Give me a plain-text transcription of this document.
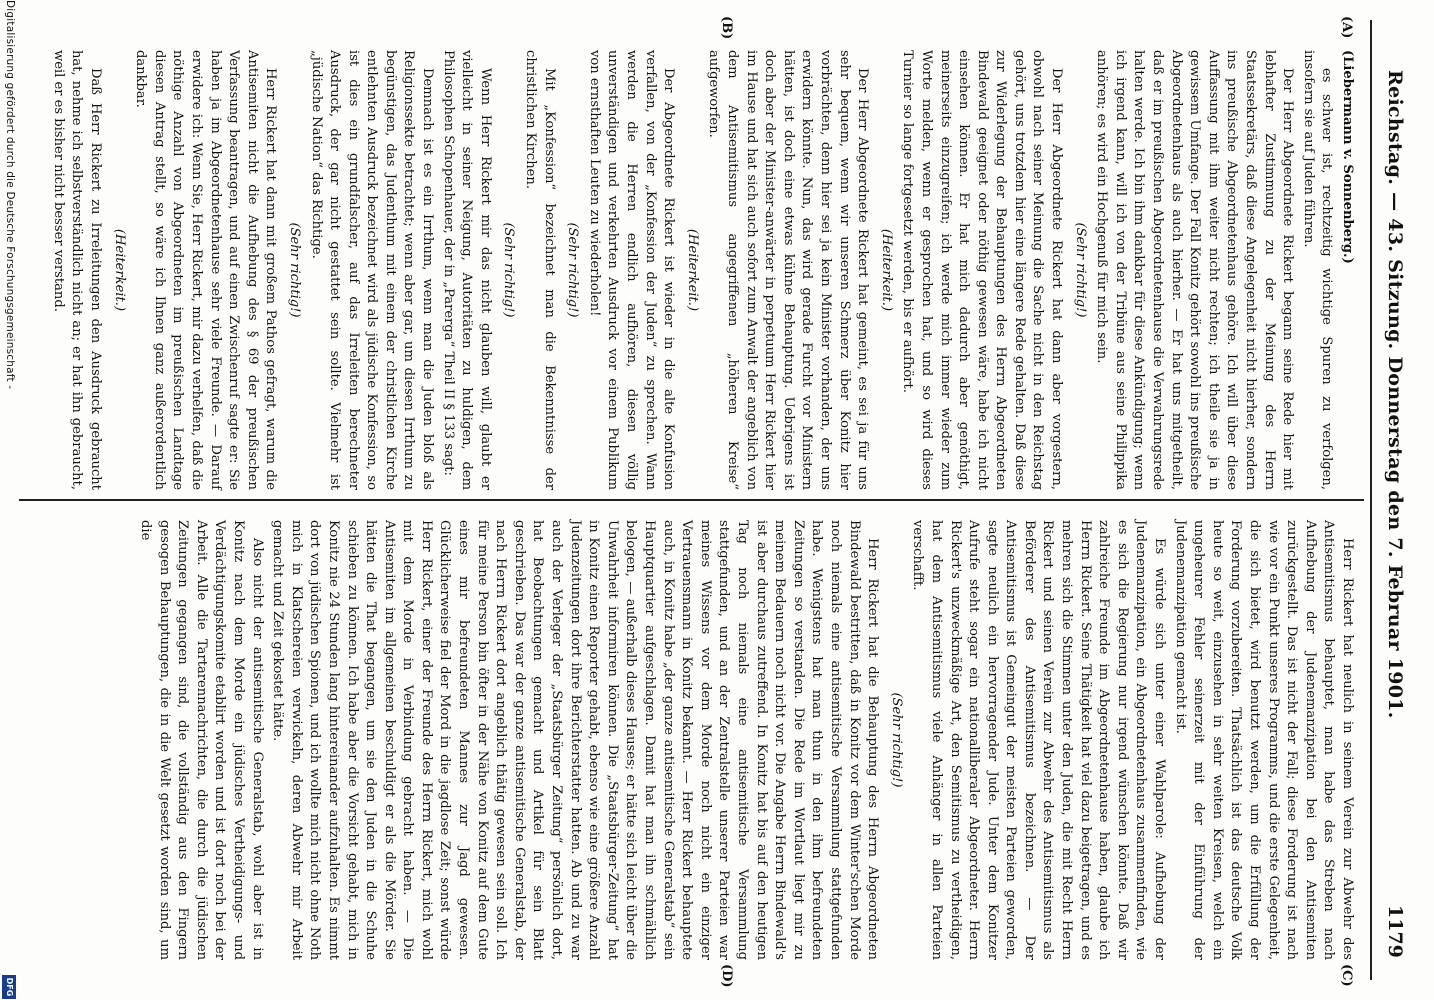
Reichstag. — 43. Sitzung. Donnerstag den 7. Februar 1901.
1179
(A)
(B)
(C)
(D)

(Liebermann v. Sonnenberg.)

es schwer ist, rechtzeitig wichtige Spuren zu verfolgen, insofern sie auf Juden führen.

Der Herr Abgeordnete Rickert begann seine Rede hier mit lebhafter Zustimmung zu der Meinung des Herrn Staatssekretärs, daß diese Angelegenheit nicht hierher, sondern ins preußische Abgeordnetenhaus gehöre. Ich will über diese Auffassung mit ihm weiter nicht rechten; ich theile sie ja in gewissem Umfange. Der Fall Konitz gehört sowohl ins preußische Abgeordnetenhaus als auch hierher. — Er hat uns mitgetheilt, daß er im preußischen Abgeordnetenhause die Verwahrungsrede halten werde. Ich bin ihm dankbar für diese Ankündigung; wenn ich irgend kann, will ich von der Tribüne aus seine Philippika anhören; es wird ein Hochgenuß für mich sein.

(Sehr richtig!)

Der Herr Abgeordnete Rickert hat dann aber vorgestern, obwohl nach seiner Meinung die Sache nicht in den Reichstag gehört, uns trotzdem hier eine längere Rede gehalten. Daß diese zur Widerlegung der Behauptungen des Herrn Abgeordneten Bindewald geeignet oder nöthig gewesen wäre, habe ich nicht einsehen können. Er hat mich dadurch aber genöthigt, meinerseits einzugreifen; ich werde mich immer wieder zum Worte melden, wenn er gesprochen hat, und so wird dieses Turnier so lange fortgesetzt werden, bis er aufhört.

(Heiterkeit.)

Der Herr Abgeordnete Rickert hat gemeint, es sei ja für uns sehr bequem, wenn wir unseren Schmerz über Konitz hier vorbrächten, denn hier sei ja kein Minister vorhanden, der uns erwidern könnte. Nun, das wird gerade Furcht vor Ministern hätten, ist doch eine etwas kühne Behauptung. Uebrigens ist doch aber der Minister-anwärter in perpetuum Herr Rickert hier im Hause und hat sich auch sofort zum Anwalt der angeblich von dem Antisemitismus angegriffenen „höheren Kreise“ aufgeworfen.

(Heiterkeit.)

Der Abgeordnete Rickert ist wieder in die alte Konfusion verfallen, von der „Konfession der Juden“ zu sprechen. Wann werden die Herren endlich aufhören, diesen völlig unverständigen und verkehrten Ausdruck vor einem Publikum von ernsthaften Leuten zu wiederholen!

(Sehr richtig!)

Mit „Konfession“ bezeichnet man die Bekenntnisse der christlichen Kirchen.

(Sehr richtig!)

Wenn Herr Rickert mir das nicht glauben will, glaubt er vielleicht in seiner Neigung, Autoritäten zu huldigen, dem Philosophen Schopenhauer, der in „Parerga“ Theil II § 133 sagt:

Demnach ist es ein Irrthum, wenn man die Juden bloß als Religionssekte betrachtet; wenn aber gar, um diesen Irrthum zu begünstigen, das Judenthum mit einem der christlichen Kirche entlehnten Ausdruck bezeichnet wird als jüdische Konfession, so ist dies ein grundfalscher, auf das Irreleiten berechneter Ausdruck, der gar nicht gestattet sein sollte. Vielmehr ist „jüdische Nation“ das Richtige.

(Sehr richtig!)

Herr Rickert hat dann mit großem Pathos gefragt, warum die Antisemiten nicht die Aufhebung des § 69 der preußischen Verfassung beantragen, und auf einen Zwischenruf sagte er: Sie haben ja im Abgeordnetenhause sehr viele Freunde. — Darauf erwidere ich: Wenn Sie, Herr Rickert, mir dazu verhelfen, daß die nöthige Anzahl von Abgeordneten im preußischen Landtage diesen Antrag stellt, so wäre ich Ihnen ganz außerordentlich dankbar.

(Heiterkeit.)

Daß Herr Rickert zu Irreleitungen den Ausdruck gebraucht hat, nehme ich selbstverständlich nicht an; er hat ihn gebraucht, weil er es bisher nicht besser verstand.

Herr Rickert hat neulich in seinem Verein zur Abwehr des Antisemitismus behauptet, man habe das Streben nach Aufhebung der Judenemanzipation bei den Antisemiten zurückgestellt. Das ist nicht der Fall; diese Forderung ist nach wie vor ein Punkt unseres Programms, und die erste Gelegenheit, die sich bietet, wird benutzt werden, um die Erfüllung der Forderung vorzubereiten. Thatsächlich ist das deutsche Volk heute so weit, einzusehen in sehr weiten Kreisen, welch ein ungeheurer Fehler seinerzeit mit der Einführung der Judenemanzipation gemacht ist.

Es würde sich unter einer Wahlparole: Aufhebung der Judenemanzipation, ein Abgeordnetenhaus zusammenfinden, wie es sich die Regierung nur irgend wünschen könnte. Daß wir zahlreiche Freunde im Abgeordnetenhause haben, glaube ich Herrn Rickert. Seine Thätigkeit hat viel dazu beigetragen, und es mehren sich die Stimmen unter den Juden, die mit Recht Herrn Rickert und seinen Verein zur Abwehr des Antisemitismus als Beförderer des Antisemitismus bezeichnen. — Der Antisemitismus ist Gemeingut der meisten Parteien geworden, sagte neulich ein hervorragender Jude. Unter dem Konitzer Aufrufe steht sogar ein nationalliberaler Abgeordneter. Herrn Rickert's unzweckmäßige Art, den Semitismus zu vertheidigen, hat dem Antisemitismus viele Anhänger in allen Parteien verschafft.

(Sehr richtig!)

Herr Rickert hat die Behauptung des Herrn Abgeordneten Bindewald bestritten, daß in Konitz vor dem Winter'schen Morde noch niemals eine antisemitische Versammlung stattgefunden habe. Wenigstens hat man thun in den ihm befreundeten Zeitungen so verstanden. Die Rede im Wortlaut liegt mir zu meinem Bedauern noch nicht vor. Die Angabe Herrn Bindewald's ist aber durchaus zutreffend. In Konitz hat bis auf den heutigen Tag noch niemals eine antisemitische Versammlung stattgefunden, und an der Zentralstelle unserer Parteien war meines Wissens vor dem Morde noch nicht ein einziger Vertrauensmann in Konitz bekannt. — Herr Rickert behauptete auch, in Konitz habe „der ganze antisemitische Generalstab“ sein Hauptquartier aufgeschlagen. Damit hat man ihn schmählich belogen, — außerhalb dieses Hauses; er hätte sich leicht über die Unwahrheit informiren können. Die „Staatsbürger-Zeitung“ hat in Konitz einen Reporter gehabt, ebenso wie eine größere Anzahl Judenzeitungen dort ihre Berichterstatter hatten. Ab und zu war auch der Verleger der „Staatsbürger Zeitung“ persönlich dort, hat Beobachtungen gemacht und Artikel für sein Blatt geschrieben. Das war der ganze antisemitische Generalstab, der nach Herrn Rickert dort angeblich thätig gewesen sein soll. Ich für meine Person bin öfter in der Nähe von Konitz auf dem Gute eines mir befreundeten Mannes zur Jagd gewesen. Glücklicherweise fiel der Mord in die jagdlose Zeit; sonst würde Herr Rickert, einer der Freunde des Herrn Rickert, mich wohl mit dem Morde in Verbindung gebracht haben. — Die Antisemiten im allgemeinen beschuldigt er als die Mörder. Sie hätten die That begangen, um sie den Juden in die Schuhe schieben zu können. Ich habe aber die Vorsicht gehabt, mich in Konitz nie 24 Stunden lang hintereinander aufzuhalten. Es nimmt dort von jüdischen Spionen, und ich wollte mich nicht ohne Noth mich in Klatschereien verwickeln, deren Abwehr mir Arbeit gemacht und Zeit gekostet hätte.

Also nicht der antisemitische Generalstab, wohl aber ist in Konitz nach dem Morde ein jüdisches Vertheidigungs- und Verdächtigungskomite etablirt worden und ist dort noch bei der Arbeit. Alle die Tartarennachrichten, die durch die jüdischen Zeitungen gegangen sind, die vollständig aus den Fingern gesogen Behauptungen, die in die Welt gesetzt worden sind, um die

Digitalisierung gefördert durch die Deutsche Forschungsgemeinschaft -
DFG
